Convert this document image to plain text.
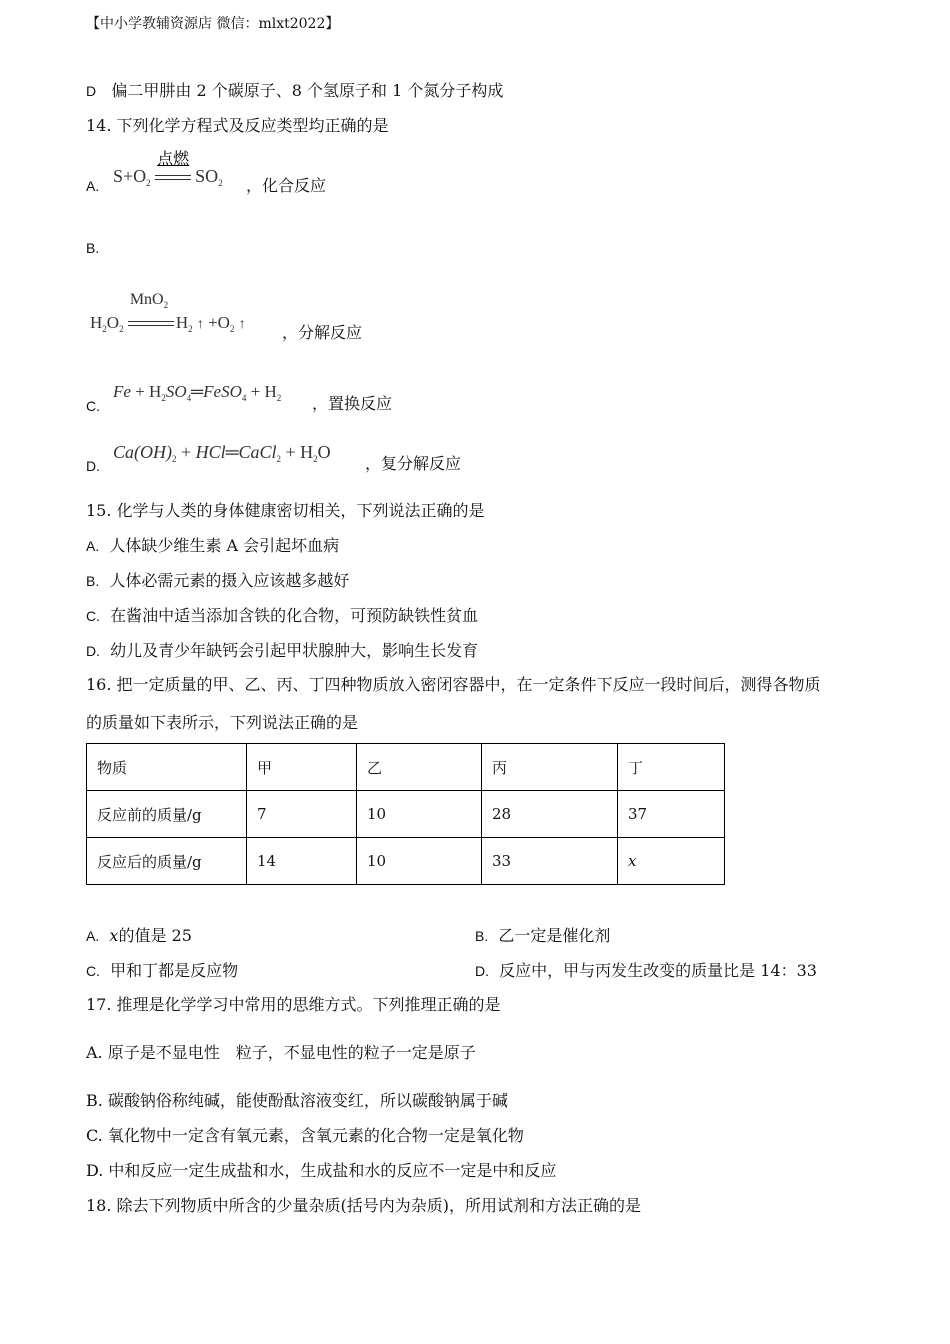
【中小学教辅资源店 微信：mlxt2022】
D 偏二甲肼由 2 个碳原子、8 个氢原子和 1 个氮分子构成
14. 下列化学方程式及反应类型均正确的是
A. $S+O_2$
点燃
$SO_2$ ，化合反应
B.
$H_2O_2$
MnO$_2$
$H_2$ ↑ $+O_2$ ↑ ，分解反应
C.
$Fe + H_2SO_4═FeSO_4 + H_2$ ，置换反应
D.
$Ca(OH)_2$ + HCl═CaCl$_2$ + $H_2O$
，复分解反应
15. 化学与人类的身体健康密切相关，下列说法正确的是
A. 人体缺少维生素 A 会引起坏血病
B. 人体必需元素的摄入应该越多越好
C. 在酱油中适当添加含铁的化合物，可预防缺铁性贫血
D. 幼儿及青少年缺钙会引起甲状腺肿大，影响生长发育
16. 把一定质量的甲、乙、丙、丁四种物质放入密闭容器中，在一定条件下反应一段时间后，测得各物质
的质量如下表所示，下列说法正确的是
物质	甲	乙	丙	丁
反应前的质量/g	7	10	28	37
反应后的质量/g	14	10	33	x
A. x的值是 25	B. 乙一定是催化剂
C. 甲和丁都是反应物	D. 反应中，甲与丙发生改变的质量比是 14：33
17. 推理是化学学习中常用的思维方式。下列推理正确的是
A. 原子是不显电性　粒子，不显电性的粒子一定是原子
B. 碳酸钠俗称纯碱，能使酚酞溶液变红，所以碳酸钠属于碱
C. 氧化物中一定含有氧元素，含氧元素的化合物一定是氧化物
D. 中和反应一定生成盐和水，生成盐和水的反应不一定是中和反应
18. 除去下列物质中所含的少量杂质(括号内为杂质)，所用试剂和方法正确的是
